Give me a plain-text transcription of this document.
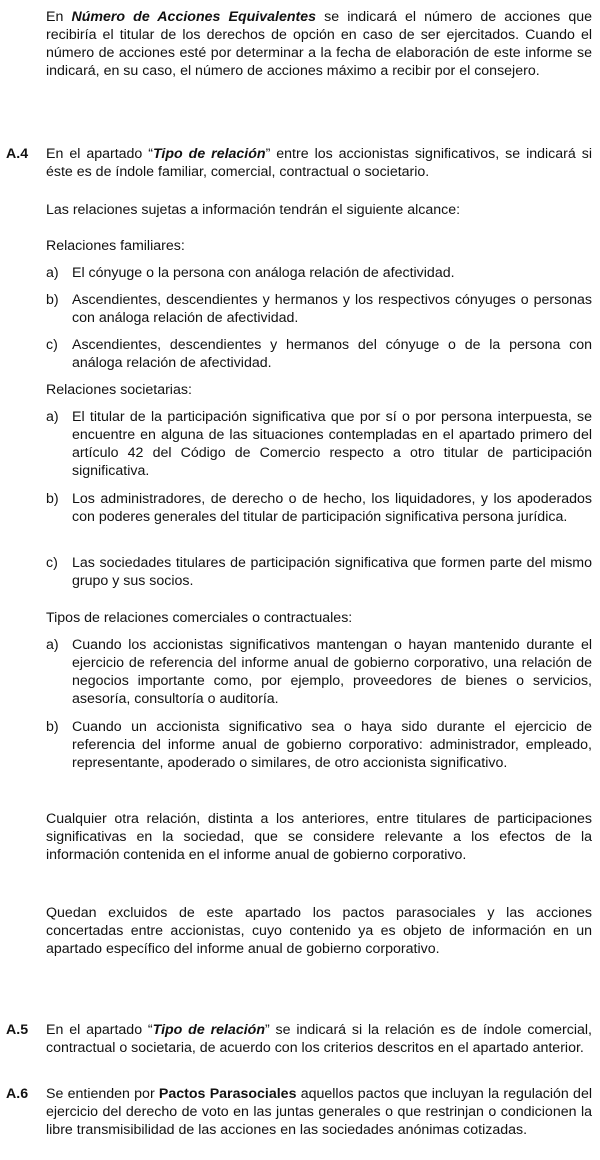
En Número de Acciones Equivalentes se indicará el número de acciones que recibiría el titular de los derechos de opción en caso de ser ejercitados. Cuando el número de acciones esté por determinar a la fecha de elaboración de este informe se indicará, en su caso, el número de acciones máximo a recibir por el consejero.

A.4 En el apartado “Tipo de relación” entre los accionistas significativos, se indicará si éste es de índole familiar, comercial, contractual o societario.

Las relaciones sujetas a información tendrán el siguiente alcance:

Relaciones familiares:

a) El cónyuge o la persona con análoga relación de afectividad.

b) Ascendientes, descendientes y hermanos y los respectivos cónyuges o personas con análoga relación de afectividad.

c) Ascendientes, descendientes y hermanos del cónyuge o de la persona con análoga relación de afectividad.

Relaciones societarias:

a) El titular de la participación significativa que por sí o por persona interpuesta, se encuentre en alguna de las situaciones contempladas en el apartado primero del artículo 42 del Código de Comercio respecto a otro titular de participación significativa.

b) Los administradores, de derecho o de hecho, los liquidadores, y los apoderados con poderes generales del titular de participación significativa persona jurídica.

c) Las sociedades titulares de participación significativa que formen parte del mismo grupo y sus socios.

Tipos de relaciones comerciales o contractuales:

a) Cuando los accionistas significativos mantengan o hayan mantenido durante el ejercicio de referencia del informe anual de gobierno corporativo, una relación de negocios importante como, por ejemplo, proveedores de bienes o servicios, asesoría, consultoría o auditoría.

b) Cuando un accionista significativo sea o haya sido durante el ejercicio de referencia del informe anual de gobierno corporativo: administrador, empleado, representante, apoderado o similares, de otro accionista significativo.

Cualquier otra relación, distinta a los anteriores, entre titulares de participaciones significativas en la sociedad, que se considere relevante a los efectos de la información contenida en el informe anual de gobierno corporativo.

Quedan excluidos de este apartado los pactos parasociales y las acciones concertadas entre accionistas, cuyo contenido ya es objeto de información en un apartado específico del informe anual de gobierno corporativo.

A.5 En el apartado “Tipo de relación” se indicará si la relación es de índole comercial, contractual o societaria, de acuerdo con los criterios descritos en el apartado anterior.

A.6 Se entienden por Pactos Parasociales aquellos pactos que incluyan la regulación del ejercicio del derecho de voto en las juntas generales o que restrinjan o condicionen la libre transmisibilidad de las acciones en las sociedades anónimas cotizadas.
